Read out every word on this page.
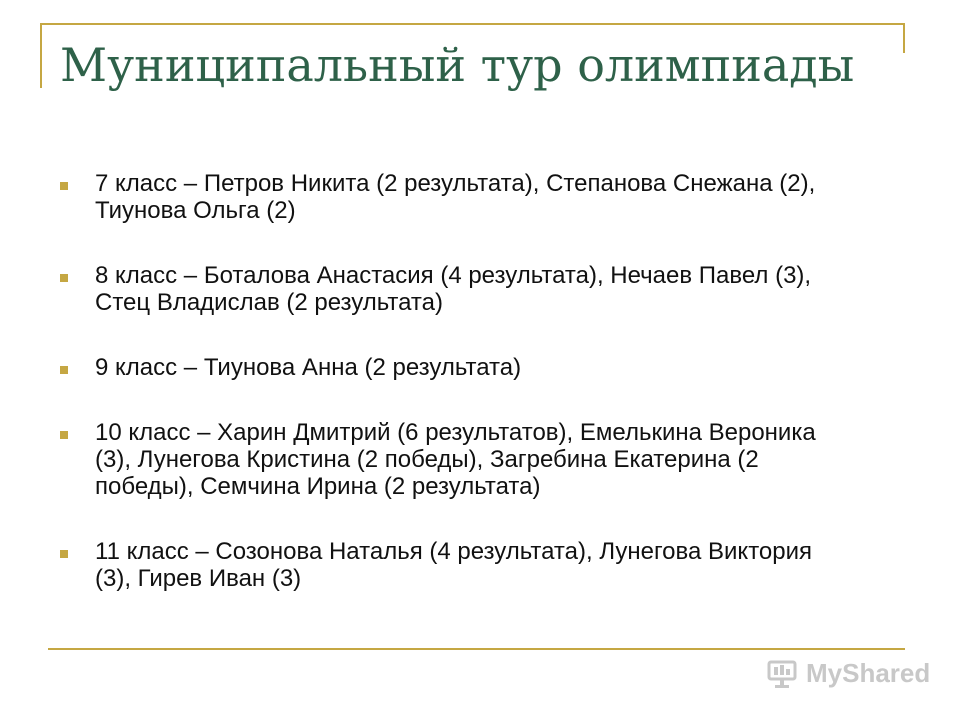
Муниципальный тур олимпиады
7 класс – Петров Никита (2 результата), Степанова Снежана (2), Тиунова Ольга (2)
8 класс – Боталова Анастасия (4 результата), Нечаев Павел (3), Стец Владислав (2 результата)
9 класс – Тиунова Анна (2 результата)
10 класс – Харин Дмитрий (6 результатов), Емелькина Вероника (3), Лунегова Кристина (2 победы), Загребина Екатерина (2 победы), Семчина Ирина (2 результата)
11 класс – Созонова Наталья (4 результата), Лунегова Виктория (3), Гирев Иван (3)
MyShared
